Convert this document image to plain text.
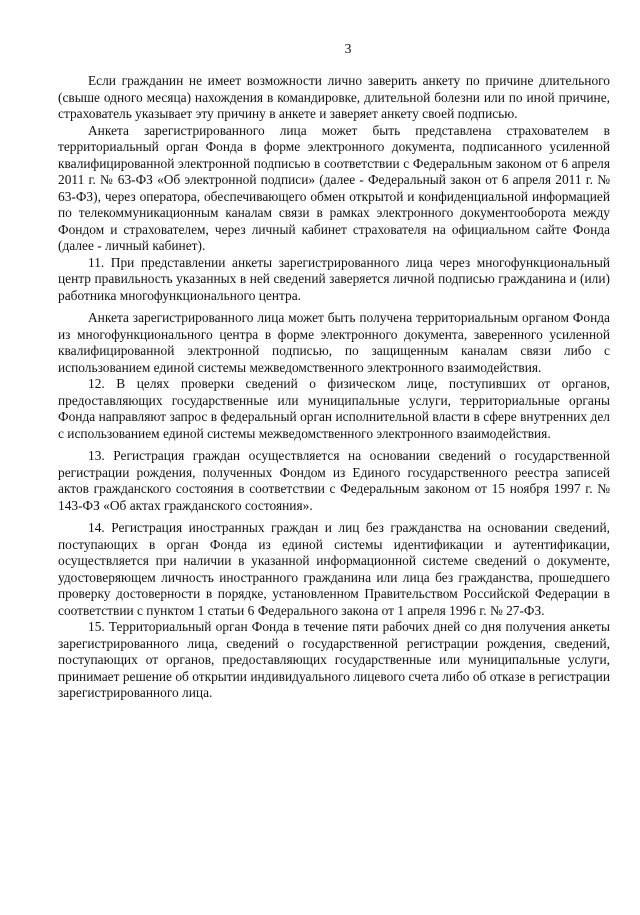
3

Если гражданин не имеет возможности лично заверить анкету по причине длительного (свыше одного месяца) нахождения в командировке, длительной болезни или по иной причине, страхователь указывает эту причину в анкете и заверяет анкету своей подписью.

Анкета зарегистрированного лица может быть представлена страхователем в территориальный орган Фонда в форме электронного документа, подписанного усиленной квалифицированной электронной подписью в соответствии с Федеральным законом от 6 апреля 2011 г. № 63-ФЗ «Об электронной подписи» (далее - Федеральный закон от 6 апреля 2011 г. № 63-ФЗ), через оператора, обеспечивающего обмен открытой и конфиденциальной информацией по телекоммуникационным каналам связи в рамках электронного документооборота между Фондом и страхователем, через личный кабинет страхователя на официальном сайте Фонда (далее - личный кабинет).

11. При представлении анкеты зарегистрированного лица через многофункциональный центр правильность указанных в ней сведений заверяется личной подписью гражданина и (или) работника многофункционального центра.

Анкета зарегистрированного лица может быть получена территориальным органом Фонда из многофункционального центра в форме электронного документа, заверенного усиленной квалифицированной электронной подписью, по защищенным каналам связи либо с использованием единой системы межведомственного электронного взаимодействия.

12. В целях проверки сведений о физическом лице, поступивших от органов, предоставляющих государственные или муниципальные услуги, территориальные органы Фонда направляют запрос в федеральный орган исполнительной власти в сфере внутренних дел с использованием единой системы межведомственного электронного взаимодействия.

13. Регистрация граждан осуществляется на основании сведений о государственной регистрации рождения, полученных Фондом из Единого государственного реестра записей актов гражданского состояния в соответствии с Федеральным законом от 15 ноября 1997 г. № 143-ФЗ «Об актах гражданского состояния».

14. Регистрация иностранных граждан и лиц без гражданства на основании сведений, поступающих в орган Фонда из единой системы идентификации и аутентификации, осуществляется при наличии в указанной информационной системе сведений о документе, удостоверяющем личность иностранного гражданина или лица без гражданства, прошедшего проверку достоверности в порядке, установленном Правительством Российской Федерации в соответствии с пунктом 1 статьи 6 Федерального закона от 1 апреля 1996 г. № 27-ФЗ.

15. Территориальный орган Фонда в течение пяти рабочих дней со дня получения анкеты зарегистрированного лица, сведений о государственной регистрации рождения, сведений, поступающих от органов, предоставляющих государственные или муниципальные услуги, принимает решение об открытии индивидуального лицевого счета либо об отказе в регистрации зарегистрированного лица.
